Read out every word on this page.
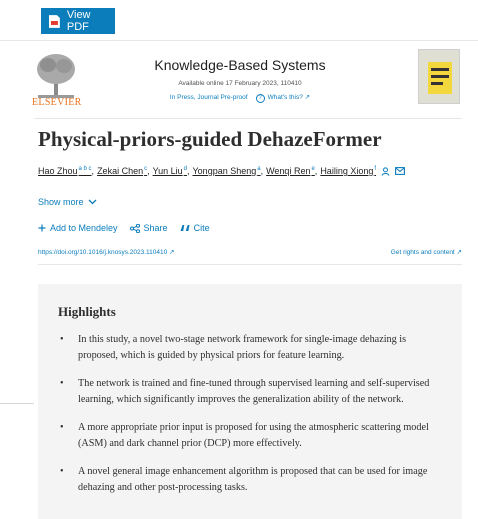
View PDF
ELSEVIER
Knowledge-Based Systems
Available online 17 February 2023, 110410
In Press, Journal Pre-proof ? What's this? ↗
Physical-priors-guided DehazeFormer
Hao Zhou$^{a b c}$ , Zekai Chen$^c$ , Yun Liu$^d$ , Yongpan Sheng$^a$ , Wenqi Ren$^e$ , Hailing Xiong$^f$
Show more
Add to Mendeley	Share	Cite
https://doi.org/10.1016/j.knosys.2023.110410 ↗	Get rights and content ↗
Highlights
• In this study, a novel two-stage network framework for single-image dehazing is proposed, which is guided by physical priors for feature learning.
• The network is trained and fine-tuned through supervised learning and self-supervised learning, which significantly improves the generalization ability of the network.
• A more appropriate prior input is proposed for using the atmospheric scattering model (ASM) and dark channel prior (DCP) more effectively.
• A novel general image enhancement algorithm is proposed that can be used for image dehazing and other post-processing tasks.
